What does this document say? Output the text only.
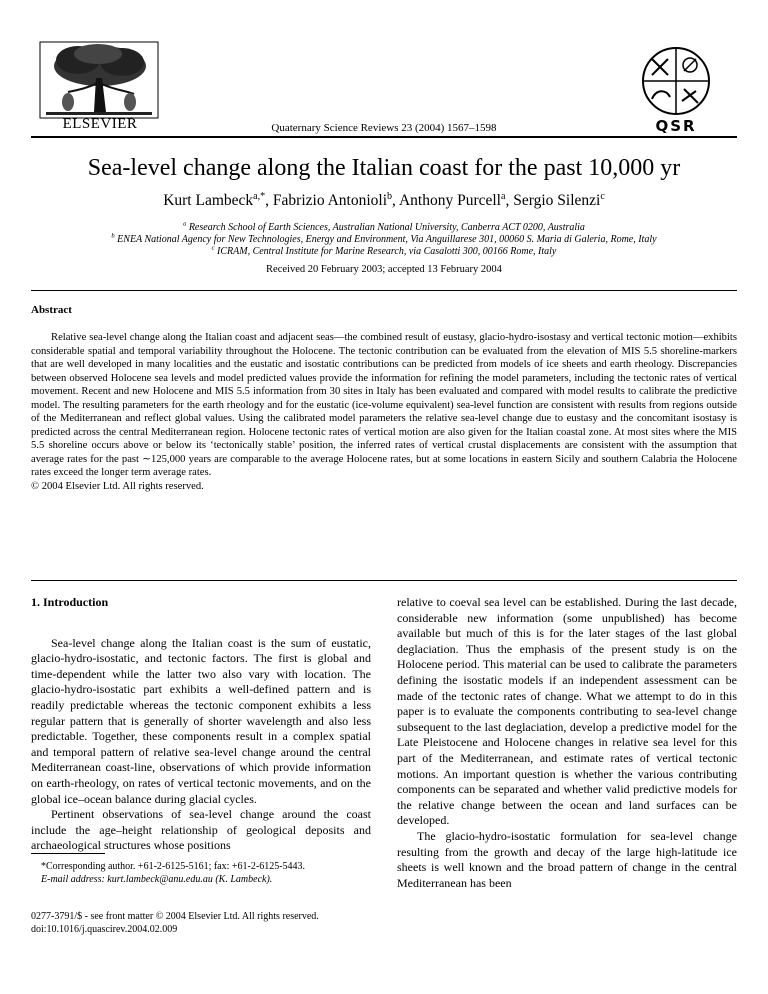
ELSEVIER	Quaternary Science Reviews 23 (2004) 1567–1598	QSR
Sea-level change along the Italian coast for the past 10,000 yr
Kurt Lambeck$^{a,*}$, Fabrizio Antonioli$^b$, Anthony Purcell$^a$, Sergio Silenzi$^c$
$^a$ Research School of Earth Sciences, Australian National University, Canberra ACT 0200, Australia
$^b$ ENEA National Agency for New Technologies, Energy and Environment, Via Anguillarese 301, 00060 S. Maria di Galeria, Rome, Italy
$^c$ ICRAM, Central Institute for Marine Research, via Casalotti 300, 00166 Rome, Italy
Received 20 February 2003; accepted 13 February 2004
Abstract
Relative sea-level change along the Italian coast and adjacent seas—the combined result of eustasy, glacio-hydro-isostasy and vertical tectonic motion—exhibits considerable spatial and temporal variability throughout the Holocene. The tectonic contribution can be evaluated from the elevation of MIS 5.5 shoreline-markers that are well developed in many localities and the eustatic and isostatic contributions can be predicted from models of ice sheets and earth rheology. Discrepancies between observed Holocene sea levels and model predicted values provide the information for refining the model parameters, including the tectonic rates of vertical movement. Recent and new Holocene and MIS 5.5 information from 30 sites in Italy has been evaluated and compared with model results to calibrate the predictive model. The resulting parameters for the earth rheology and for the eustatic (ice-volume equivalent) sea-level function are consistent with results from regions outside of the Mediterranean and reflect global values. Using the calibrated model parameters the relative sea-level change due to eustasy and the concomitant isostasy is predicted across the central Mediterranean region. Holocene tectonic rates of vertical motion are also given for the Italian coastal zone. At most sites where the MIS 5.5 shoreline occurs above or below its ‘tectonically stable’ position, the inferred rates of vertical crustal displacements are consistent with the assumption that average rates for the past ∼125,000 years are comparable to the average Holocene rates, but at some locations in eastern Sicily and southern Calabria the Holocene rates exceed the longer term average rates.
© 2004 Elsevier Ltd. All rights reserved.
1. Introduction

Sea-level change along the Italian coast is the sum of eustatic, glacio-hydro-isostatic, and tectonic factors. The first is global and time-dependent while the latter two also vary with location. The glacio-hydro-isostatic part exhibits a well-defined pattern and is readily predictable whereas the tectonic component exhibits a less regular pattern that is generally of shorter wavelength and also less predictable. Together, these components result in a complex spatial and temporal pattern of relative sea-level change around the central Mediterranean coast-line, observations of which provide information on earth-rheology, on rates of vertical tectonic movements, and on the global ice–ocean balance during glacial cycles.

Pertinent observations of sea-level change around the coast include the age–height relationship of geological deposits and archaeological structures whose positions

relative to coeval sea level can be established. During the last decade, considerable new information (some unpublished) has become available but much of this is for the later stages of the last global deglaciation. Thus the emphasis of the present study is on the Holocene period. This material can be used to calibrate the parameters defining the isostatic models if an independent assessment can be made of the tectonic rates of change. What we attempt to do in this paper is to evaluate the components contributing to sea-level change subsequent to the last deglaciation, develop a predictive model for the Late Pleistocene and Holocene changes in relative sea level for this part of the Mediterranean, and estimate rates of vertical tectonic motions. An important question is whether the various contributing components can be separated and whether valid predictive models for the relative change between the ocean and land surfaces can be developed.

The glacio-hydro-isostatic formulation for sea-level change resulting from the growth and decay of the large high-latitude ice sheets is well known and the broad pattern of change in the central Mediterranean has been

*Corresponding author. +61-2-6125-5161; fax: +61-2-6125-5443.
E-mail address: kurt.lambeck@anu.edu.au (K. Lambeck).
0277-3791/$ - see front matter © 2004 Elsevier Ltd. All rights reserved.
doi:10.1016/j.quascirev.2004.02.009
